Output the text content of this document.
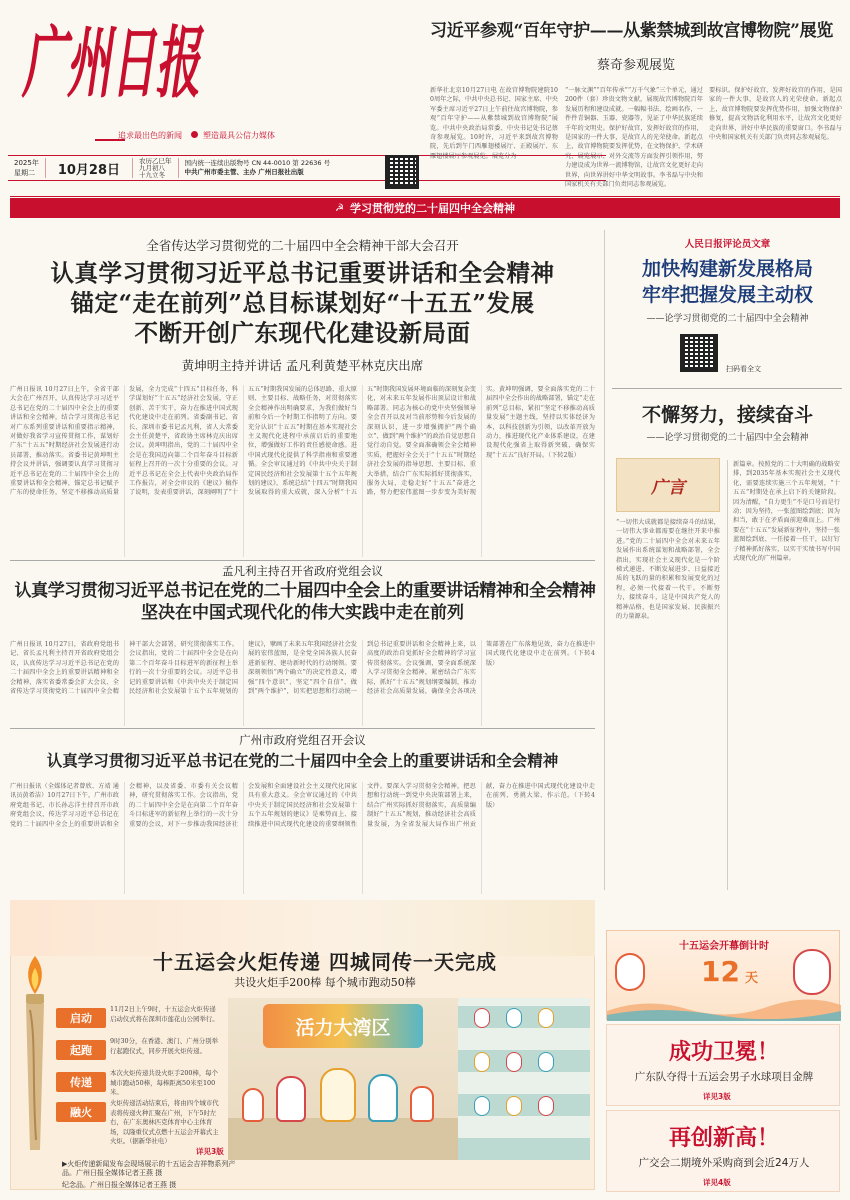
广州日报
追求最出色的新闻	塑造最具公信力媒体
2025年
星期二 10月28日
农历乙巳年
九月初八
十九立冬
国内统一连续出版物号 CN 44-0010 第 22636 号
中共广州市委主管、主办 广州日报社出版
习近平参观“百年守护——从紫禁城到故宫博物院”展览
蔡奇参观展览
新华社北京10月27日电 在故宫博物院建院100周年之际，中共中央总书记、国家主席、中央军委主席习近平27日上午前往故宫博物院，参观“百年守护——从紫禁城到故宫博物院”展览。中共中央政治局常委、中央书记处书记蔡奇参观展览。10时许，习近平来到故宫博物院，先后到午门西雁翅楼展厅、正殿展厅、东雁翅楼展厅参观展览。展览分为
“一脉文渊”“百年传承”“万千气象”三个单元，通过200件（套）珍贵文物文献，展现故宫博物院百年发展历程和建设成就。一幅幅书法、绘画名作，一件件青铜器、玉器、瓷器等，见证了中华民族延续千年的文明史。保护好故宫，发挥好故宫的作用，是国家的一件大事，是故宫人的光荣使命。新起点上，故宫博物院要发挥优势，在文物保护、学术研究、展览展示、对外交流等方面发挥引领作用，努力建设成为世界一流博物馆，让故宫文化更好走向世界，向世界讲好中华文明故事。李书磊与中央和国家机关有关部门负责同志参观展览。
要标识。保护好故宫，发挥好故宫的作用，是国家的一件大事，是故宫人的光荣使命。新起点上，故宫博物院要发挥优势作用，加强文物保护修复，提高文物活化利用水平，让故宫文化更好走向世界，讲好中华民族的重要窗口。李书磊与中央和国家机关有关部门负责同志参观展览。
☭ 学习贯彻党的二十届四中全会精神
全省传达学习贯彻党的二十届四中全会精神干部大会召开
认真学习贯彻习近平总书记重要讲话和全会精神
锚定“走在前列”总目标谋划好“十五五”发展
不断开创广东现代化建设新局面
黄坤明主持并讲话 孟凡利黄楚平林克庆出席
广州日报讯 10月27日上午，全省干部大会在广州召开，认真传达学习习近平总书记在党的二十届四中全会上的重要讲话和全会精神，结合学习贯彻总书记对广东系列重要讲话和重要指示精神，对做好我省学习宣传贯彻工作，谋划好广东“十五五”时期经济社会发展进行动员部署，推动落实。省委书记黄坤明主持会议并讲话，强调要认真学习贯彻习近平总书记在党的二十届四中全会上的重要讲话和全会精神，锚定总书记赋予广东的使命任务，坚定不移推动高质量发展，全力完成“十四五”目标任务，科学谋划好“十五五”经济社会发展，守正创新、苦干实干，奋力在推进中国式现代化建设中走在前列。省委副书记、省长、深圳市委书记孟凡利，省人大常委会主任黄楚平，省政协主席林克庆出席会议。黄坤明指出，党的二十届四中全会是在我国迈向第二个百年奋斗目标新征程上召开的一次十分重要的会议。习近平总书记在全会上代表中央政治局作工作报告，对全会审议的《建议》稿作了说明，发表重要讲话，深刻阐明了“十五五”时期我国发展的总体思路、重大原则、主要目标、战略任务，对贯彻落实全会精神作出明确要求，为我们做好当前和今后一个时期工作指明了方向。要充分认识“十五五”时期在基本实现社会主义现代化进程中承前启后的重要地位，增强做好工作的责任感使命感。进中国式现代化提供了科学指南和重要遵循。全会审议通过的《中共中央关于制定国民经济和社会发展第十五个五年规划的建议》，系统总结“十四五”时期我国发展取得的重大成就，深入分析“十五五”时期我国发展环境面临的深刻复杂变化，对未来五年发展作出顶层设计和战略部署。同志为核心的党中央坚强领导全会召开以及对当前形势和今后发展的深刻认识，进一步增强拥护“两个确立”、做到“两个维护”的政治自觉思想自觉行动自觉。要全面准确领会全会精神实质，把握好全会关于“十五五”时期经济社会发展的指导思想、主要目标、重大举措，结合广东实际抓好贯彻落实，服务大局，走稳走好“十五五”奋进之路，努力把宏伟蓝图一步步变为美好现实。黄坤明强调，要全面落实党的二十届四中全会作出的战略部署，锚定“走在前列”总目标，紧扣“坚定不移推动高质量发展”主题主线，坚持以实体经济为本，以科技创新为引领，以改革开放为动力，推进现代化产业体系建设，在建设现代化强省上取得新突破，确保实现“十五五”良好开局。（下转2版）
孟凡利主持召开省政府党组会议
认真学习贯彻习近平总书记在党的二十届四中全会上的重要讲话精神和全会精神
坚决在中国式现代化的伟大实践中走在前列
广州日报讯 10月27日，省政府党组书记、省长孟凡利主持召开省政府党组会议，认真传达学习习近平总书记在党的二十届四中全会上的重要讲话精神和全会精神，落实省委常委会扩大会议、全省传达学习贯彻党的二十届四中全会精神干部大会部署，研究贯彻落实工作。会议指出，党的二十届四中全会是在向第二个百年奋斗目标进军的新征程上举行的一次十分重要的会议。习近平总书记的重要讲话和《中共中央关于制定国民经济和社会发展第十五个五年规划的建议》，擘画了未来五年我国经济社会发展的宏伟蓝图，是全党全国各族人民奋进新征程、建功新时代的行动纲领。要深刻领悟“两个确立”的决定性意义，增强“四个意识”、坚定“四个自信”、做到“两个维护”，切实把思想和行动统一到总书记重要讲话和全会精神上来，以高度的政治自觉抓好全会精神的学习宣传贯彻落实。会议强调，要全面系统深入学习贯彻全会精神，紧密结合广东实际，抓好“十五五”规划纲要编制，推动经济社会高质量发展，确保全会各项决策部署在广东落地见效，奋力在推进中国式现代化建设中走在前列。（下转4版）
广州市政府党组召开会议
认真学习贯彻习近平总书记在党的二十届四中全会上的重要讲话和全会精神
广州日报讯（全媒体记者曾欣、方靖 通讯员黄希洁）10月27日下午，广州市政府党组书记、市长孙志洋主持召开市政府党组会议，传达学习习近平总书记在党的二十届四中全会上的重要讲话和全会精神，以及省委、市委有关会议精神，研究贯彻落实工作。会议指出，党的二十届四中全会是在向第二个百年奋斗目标进军的新征程上举行的一次十分重要的会议，对下一步推动我国经济社会发展和全面建设社会主义现代化国家具有重大意义。全会审议通过的《中共中央关于制定国民经济和社会发展第十五个五年规划的建议》是乘势而上、接续推进中国式现代化建设的重要纲领性文件。要深入学习贯彻全会精神，把思想和行动统一到党中央决策部署上来，结合广州实际抓好贯彻落实，高质量编制好“十五五”规划，推动经济社会高质量发展，为全省发展大局作出广州贡献，奋力在推进中国式现代化建设中走在前列、勇挑大梁、作示范。（下转4版）
人民日报评论员文章
加快构建新发展格局
牢牢把握发展主动权
——论学习贯彻党的二十届四中全会精神
扫码看全文
不懈努力，接续奋斗
——论学习贯彻党的二十届四中全会精神
广言
“一切伟大成就都是接续奋斗的结果，一切伟大事业都需要在继往开来中推进。”党的二十届四中全会对未来五年发展作出系统谋划和战略部署，全会指出，实现社会主义现代化是一个阶梯式递进、不断发展进步、日益接近质的飞跃的量的积累和发展变化的过程，必须一代接着一代干。不断努力，接续奋斗，这是中国共产党人的精神品格，也是国家发展、民族振兴的力量源泉。
新篇章。按照党的二十大明确的战略安排，到2035年基本实现社会主义现代化，需要连续实施三个五年规划，“十五五”时期处在承上启下的关键阶段。因为清醒，“自力更生”不是口号而是行动；因为坚持，一张蓝图绘到底；因为担当，敢于在矛盾面前迎难而上。广州要在“十五五”发展新征程中，坚持一张蓝图绘到底、一任接着一任干，以钉钉子精神抓好落实，以实干实绩书写中国式现代化的广州篇章。
十五运会火炬传递 四城同传一天完成
共设火炬手200棒 每个城市跑动50棒
启动
11月2日上午9时，十五运会火炬传递启动仪式将在深圳市莲花山公园举行。
起跑
9时30分，在香港、澳门、广州分别举行起跑仪式，同步开展火炬传递。
传递
本次火炬传递共设火炬手200棒，每个城市跑动50棒，每棒距离50米至100米。
融火
火炬传递活动结束后，将由四个城市代表将传递火种汇聚在广州，下午5时左右，在广东奥林匹克体育中心主体育场，以隆重仪式点燃十五运会开幕式主火炬。（据新华社电）
详见3版
活力大湾区
▶火炬传递新闻发布会现场展示的十五运会吉祥物系列产品。广州日报全媒体记者王燕 摄
纪念品。广州日报全媒体记者王燕 摄
十五运会开幕倒计时
12 天
成功卫冕！
广东队夺得十五运会男子水球项目金牌
详见3版
再创新高！
广交会二期境外采购商到会近24万人
详见4版
